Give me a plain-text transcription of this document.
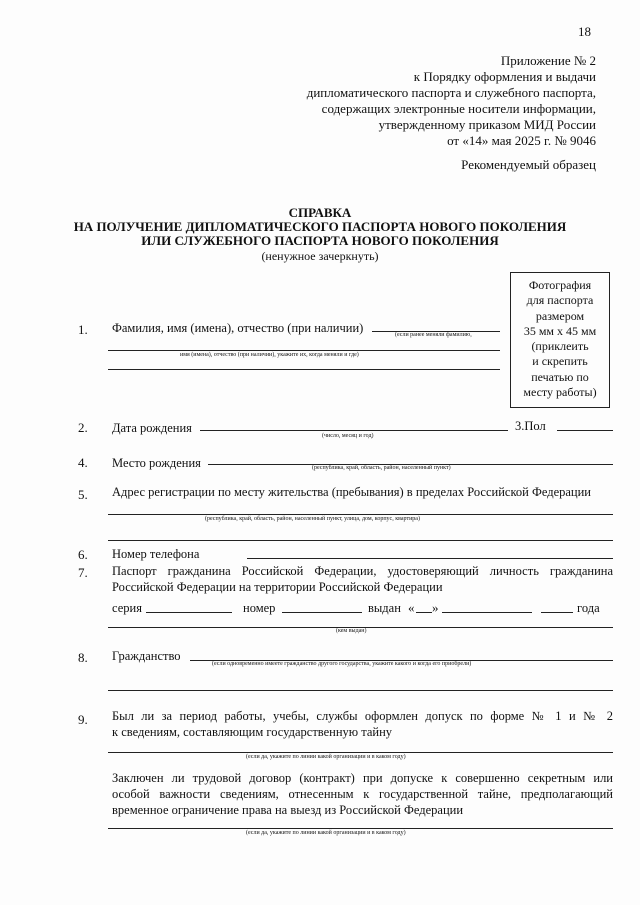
18
Приложение № 2
к Порядку оформления и выдачи
дипломатического паспорта и служебного паспорта,
содержащих электронные носители информации,
утвержденному приказом МИД России
от «14» мая 2025 г. № 9046
Рекомендуемый образец
СПРАВКА
НА ПОЛУЧЕНИЕ ДИПЛОМАТИЧЕСКОГО ПАСПОРТА НОВОГО ПОКОЛЕНИЯ
ИЛИ СЛУЖЕБНОГО ПАСПОРТА НОВОГО ПОКОЛЕНИЯ
(ненужное зачеркнуть)
Фотография
для паспорта
размером
35 мм х 45 мм
(приклеить
и скрепить
печатью по
месту работы)
1. Фамилия, имя (имена), отчество (при наличии)	(если ранее меняли фамилию,
имя (имена), отчество (при наличии), укажите их, когда меняли и где)
2. Дата рождения
(число, месяц и год)
3.Пол
4. Место рождения	(республика, край, область, район, населенный пункт)
5. Адрес регистрации по месту жительства (пребывания) в пределах Российской Федерации
(республика, край, область, район, населенный пункт, улица, дом, корпус, квартира)
6. Номер телефона
7. Паспорт гражданина Российской Федерации, удостоверяющий личность гражданина
Российской Федерации на территории Российской Федерации
серия	номер	выдан « »	года
(кем выдан)
8. Гражданство
(если одновременно имеете гражданство другого государства, укажите какого и когда его приобрели)
9. Был ли за период работы, учебы, службы оформлен допуск по форме № 1 и № 2
к сведениям, составляющим государственную тайну
(если да, укажите по линии какой организации и в каком году)
Заключен ли трудовой договор (контракт) при допуске к совершенно секретным или
особой важности сведениям, отнесенным к государственной тайне, предполагающий
временное ограничение права на выезд из Российской Федерации
(если да, укажите по линии какой организации и в каком году)
